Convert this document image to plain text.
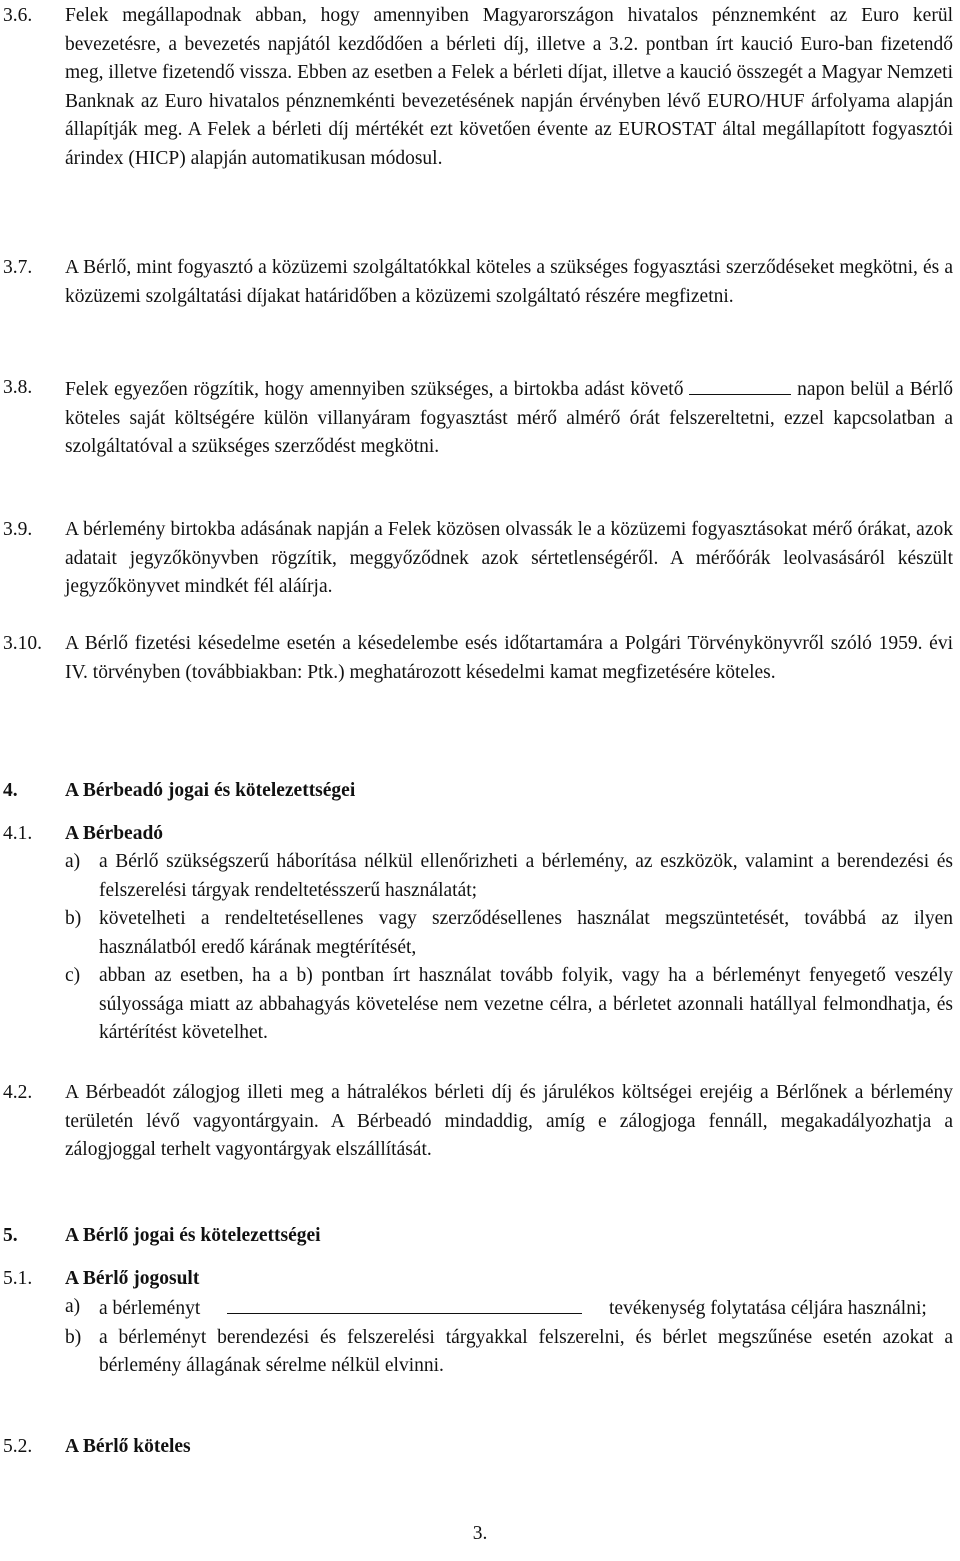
3.6.	Felek megállapodnak abban, hogy amennyiben Magyarországon hivatalos pénznemként az Euro kerül bevezetésre, a bevezetés napjától kezdődően a bérleti díj, illetve a 3.2. pontban írt kaució Euro-ban fizetendő meg, illetve fizetendő vissza. Ebben az esetben a Felek a bérleti díjat, illetve a kaució összegét a Magyar Nemzeti Banknak az Euro hivatalos pénznemkénti bevezetésének napján érvényben lévő EURO/HUF árfolyama alapján állapítják meg. A Felek a bérleti díj mértékét ezt követően évente az EUROSTAT által megállapított fogyasztói árindex (HICP) alapján automatikusan módosul.
3.7.	A Bérlő, mint fogyasztó a közüzemi szolgáltatókkal köteles a szükséges fogyasztási szerződéseket megkötni, és a közüzemi szolgáltatási díjakat határidőben a közüzemi szolgáltató részére megfizetni.
3.8.	Felek egyezően rögzítik, hogy amennyiben szükséges, a birtokba adást követő	napon belül a Bérlő köteles saját költségére külön villanyáram fogyasztást mérő almérő órát felszereltetni, ezzel kapcsolatban a szolgáltatóval a szükséges szerződést megkötni.
3.9.	A bérlemény birtokba adásának napján a Felek közösen olvassák le a közüzemi fogyasztásokat mérő órákat, azok adatait jegyzőkönyvben rögzítik, meggyőződnek azok sértetlenségéről. A mérőórák leolvasásáról készült jegyzőkönyvet mindkét fél aláírja.
3.10.	A Bérlő fizetési késedelme esetén a késedelembe esés időtartamára a Polgári Törvénykönyvről szóló 1959. évi IV. törvényben (továbbiakban: Ptk.) meghatározott késedelmi kamat megfizetésére köteles.
4.	A Bérbeadó jogai és kötelezettségei
4.1.	A Bérbeadó
a) a Bérlő szükségszerű háborítása nélkül ellenőrizheti a bérlemény, az eszközök, valamint a berendezési és felszerelési tárgyak rendeltetésszerű használatát;
b) követelheti a rendeltetésellenes vagy szerződésellenes használat megszüntetését, továbbá az ilyen használatból eredő kárának megtérítését,
c) abban az esetben, ha a b) pontban írt használat tovább folyik, vagy ha a bérleményt fenyegető veszély súlyossága miatt az abbahagyás követelése nem vezetne célra, a bérletet azonnali hatállyal felmondhatja, és kártérítést követelhet.
4.2.	A Bérbeadót zálogjog illeti meg a hátralékos bérleti díj és járulékos költségei erejéig a Bérlőnek a bérlemény területén lévő vagyontárgyain. A Bérbeadó mindaddig, amíg e zálogjoga fennáll, megakadályozhatja a zálogjoggal terhelt vagyontárgyak elszállítását.
5.	A Bérlő jogai és kötelezettségei
5.1.	A Bérlő jogosult
a) a bérleményt	tevékenység folytatása céljára használni;
b) a bérleményt berendezési és felszerelési tárgyakkal felszerelni, és bérlet megszűnése esetén azokat a bérlemény állagának sérelme nélkül elvinni.
5.2.	A Bérlő köteles
3.
